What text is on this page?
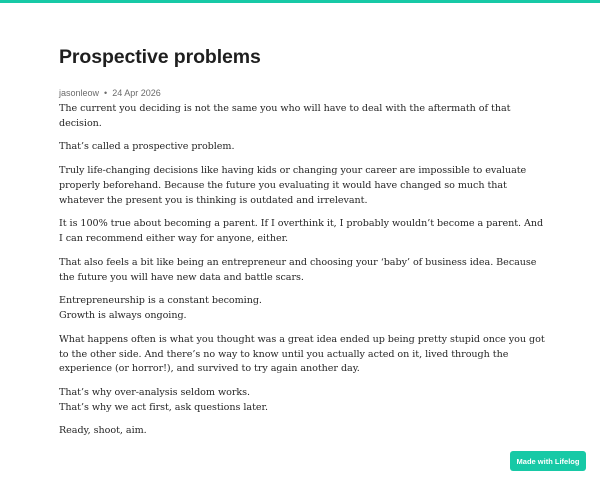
Prospective problems
jasonleow • 24 Apr 2026

The current you deciding is not the same you who will have to deal with the aftermath of that decision.

That’s called a prospective problem.

Truly life-changing decisions like having kids or changing your career are impossible to evaluate properly beforehand. Because the future you evaluating it would have changed so much that whatever the present you is thinking is outdated and irrelevant.

It is 100% true about becoming a parent. If I overthink it, I probably wouldn’t become a parent. And I can recommend either way for anyone, either.

That also feels a bit like being an entrepreneur and choosing your ‘baby’ of business idea. Because the future you will have new data and battle scars.

Entrepreneurship is a constant becoming.
Growth is always ongoing.

What happens often is what you thought was a great idea ended up being pretty stupid once you got to the other side. And there’s no way to know until you actually acted on it, lived through the experience (or horror!), and survived to try again another day.

That’s why over-analysis seldom works.
That’s why we act first, ask questions later.

Ready, shoot, aim.

Made with Lifelog
